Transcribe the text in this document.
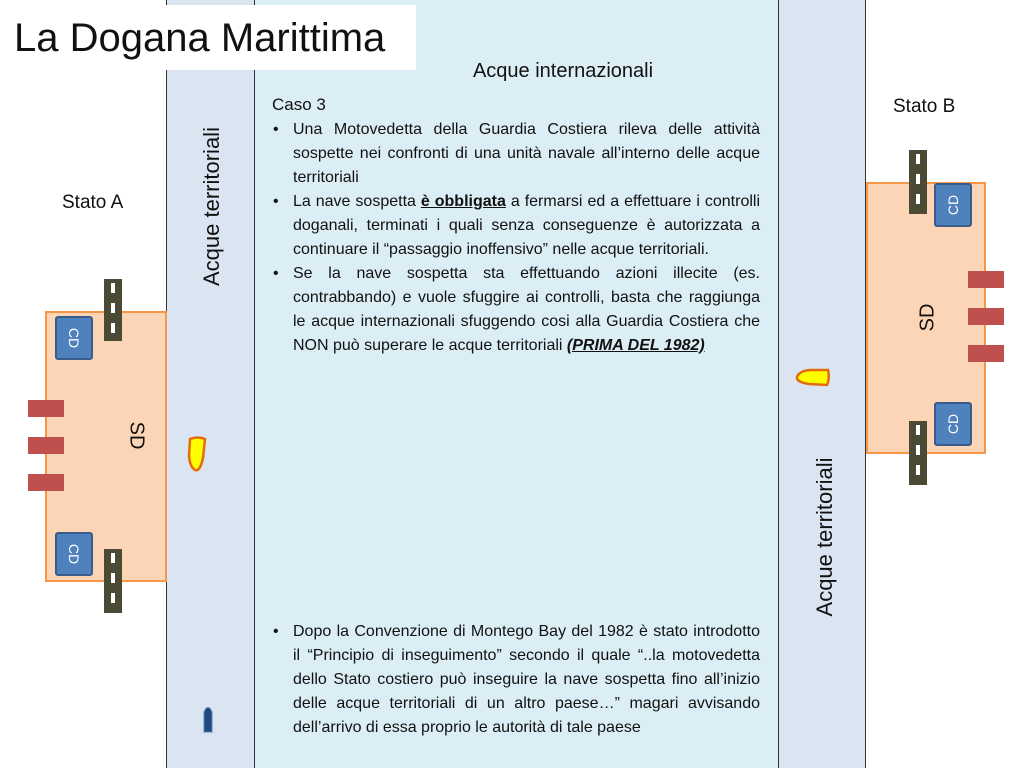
La Dogana Marittima
Acque territoriali
Acque territoriali
Acque internazionali
Caso 3
• Una Motovedetta della Guardia Costiera rileva delle attività sospette nei confronti di una unità navale all’interno delle acque territoriali
• La nave sospetta è obbligata a fermarsi ed a effettuare i controlli doganali, terminati i quali senza conseguenze è autorizzata a continuare il “passaggio inoffensivo” nelle acque territoriali.
• Se la nave sospetta sta effettuando azioni illecite (es. contrabbando) e vuole sfuggire ai controlli, basta che raggiunga le acque internazionali sfuggendo cosi alla Guardia Costiera che NON può superare le acque territoriali (PRIMA DEL 1982)
• Dopo la Convenzione di Montego Bay del 1982 è stato introdotto il “Principio di inseguimento” secondo il quale “..la motovedetta dello Stato costiero può inseguire la nave sospetta fino all’inizio delle acque territoriali di un altro paese…” magari avvisando dell’arrivo di essa proprio le autorità di tale paese
Stato A
SD
CD
CD
Stato B
SD
CD
CD
